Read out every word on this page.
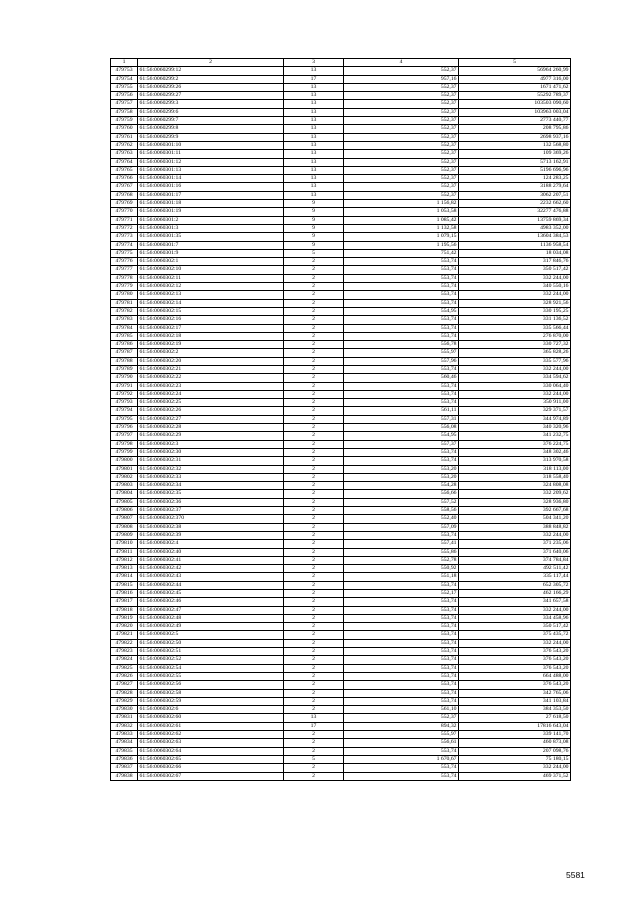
1	2	3	4	5
479753	61:56:0060299:12	13	552,37	56964 260,99
479754	61:56:0060299:2	17	957,16	4977 316,00
479755	61:56:0060299:26	13	552,37	1671 471,62
479756	61:56:0060299:27	13	552,37	55292 789,37
479757	61:56:0060299:3	13	552,37	103503 090,60
479758	61:56:0060299:6	13	552,37	103963 003,04
479759	61:56:0060299:7	13	552,37	2773 440,77
479760	61:56:0060299:8	13	552,37	208 795,86
479761	61:56:0060299:9	13	552,37	2698 937,16
479762	61:56:0060301:10	13	552,37	132 568,80
479763	61:56:0060301:11	13	552,37	109 369,26
479764	61:56:0060301:12	13	552,37	5713 162,91
479765	61:56:0060301:13	13	552,37	5196 696,96
479766	61:56:0060301:14	13	552,37	124 283,25
479767	61:56:0060301:16	13	552,37	3188 279,64
479768	61:56:0060301:17	13	552,37	3062 207,51
479769	61:56:0060301:18	9	1 156,82	2232 662,60
479770	61:56:0060301:19	9	1 053,58	32277 476,88
479771	61:56:0060301:2	9	1 085,42	13759 869,34
479772	61:56:0060301:3	9	1 132,58	4983 352,00
479773	61:56:0060301:35	9	1 079,15	13604 384,53
479774	61:56:0060301:7	9	1 195,56	1136 958,54
479775	61:56:0060301:9	5	751,42	18 034,08
479776	61:56:0060302:1	2	553,74	317 846,76
479777	61:56:0060302:10	2	553,74	350 517,42
479778	61:56:0060302:11	2	553,74	332 244,00
479779	61:56:0060302:12	2	553,74	340 550,16
479780	61:56:0060302:13	2	553,74	332 244,00
479781	61:56:0060302:14	2	553,74	328 921,56
479782	61:56:0060302:15	2	554,95	330 195,25
479783	61:56:0060302:16	2	553,74	331 136,52
479784	61:56:0060302:17	2	553,74	335 566,44
479785	61:56:0060302:18	2	553,74	276 870,00
479786	61:56:0060302:19	2	556,78	330 727,32
479787	61:56:0060302:2	2	555,97	365 828,26
479788	61:56:0060302:20	2	557,96	335 577,96
479789	61:56:0060302:21	2	553,74	332 244,00
479790	61:56:0060302:22	2	560,46	334 594,62
479791	61:56:0060302:23	2	553,74	330 064,40
479792	61:56:0060302:24	2	553,74	332 244,00
479793	61:56:0060302:25	2	553,74	350 911,00
479794	61:56:0060302:26	2	561,11	329 371,57
479795	61:56:0060302:27	2	557,31	344 974,89
479796	61:56:0060302:28	2	556,08	340 320,96
479797	61:56:0060302:29	2	554,95	341 232,75
479798	61:56:0060302:3	2	557,37	376 224,75
479799	61:56:0060302:30	2	553,74	348 302,46
479800	61:56:0060302:31	2	553,74	313 970,58
479801	61:56:0060302:32	2	553,20	318 113,00
479802	61:56:0060302:33	2	553,20	318 558,40
479803	61:56:0060302:34	2	554,28	324 808,08
479804	61:56:0060302:35	2	556,66	332 209,62
479805	61:56:0060302:36	2	557,52	328 936,80
479806	61:56:0060302:37	2	558,56	392 667,68
479807	61:56:0060302:370	2	552,40	504 341,20
479808	61:56:0060302:38	2	557,09	388 848,82
479809	61:56:0060302:39	2	553,74	332 244,00
479810	61:56:0060302:4	2	557,41	371 235,06
479811	61:56:0060302:40	2	555,86	371 640,06
479812	61:56:0060302:41	2	552,78	374 784,84
479813	61:56:0060302:42	2	550,92	492 511,42
479814	61:56:0060302:43	2	551,18	335 117,44
479815	61:56:0060302:44	2	553,74	652 305,72
479816	61:56:0060302:45	2	552,17	462 166,29
479817	61:56:0060302:46	2	553,74	341 657,58
479818	61:56:0060302:47	2	553,74	332 244,00
479819	61:56:0060302:48	2	553,74	334 458,96
479820	61:56:0060302:49	2	553,74	350 517,42
479821	61:56:0060302:5	2	553,74	375 435,72
479822	61:56:0060302:50	2	553,74	332 244,00
479823	61:56:0060302:51	2	553,74	376 543,20
479824	61:56:0060302:52	2	553,74	376 543,20
479825	61:56:0060302:54	2	553,74	376 543,20
479826	61:56:0060302:55	2	553,74	664 488,00
479827	61:56:0060302:56	2	553,74	376 543,20
479828	61:56:0060302:58	2	553,74	342 765,06
479829	61:56:0060302:59	2	553,74	341 103,84
479830	61:56:0060302:6	2	561,10	384 353,50
479831	61:56:0060302:60	13	552,37	27 618,50
479832	61:56:0060302:61	17	894,32	17816 643,04
479833	61:56:0060302:62	2	555,97	339 141,70
479834	61:56:0060302:63	2	556,61	460 873,08
479835	61:56:0060302:64	2	553,74	207 098,76
479836	61:56:0060302:65	5	1 670,67	75 180,15
479837	61:56:0060302:66	2	553,74	332 244,00
479838	61:56:0060302:67	2	553,74	469 371,52
5581
